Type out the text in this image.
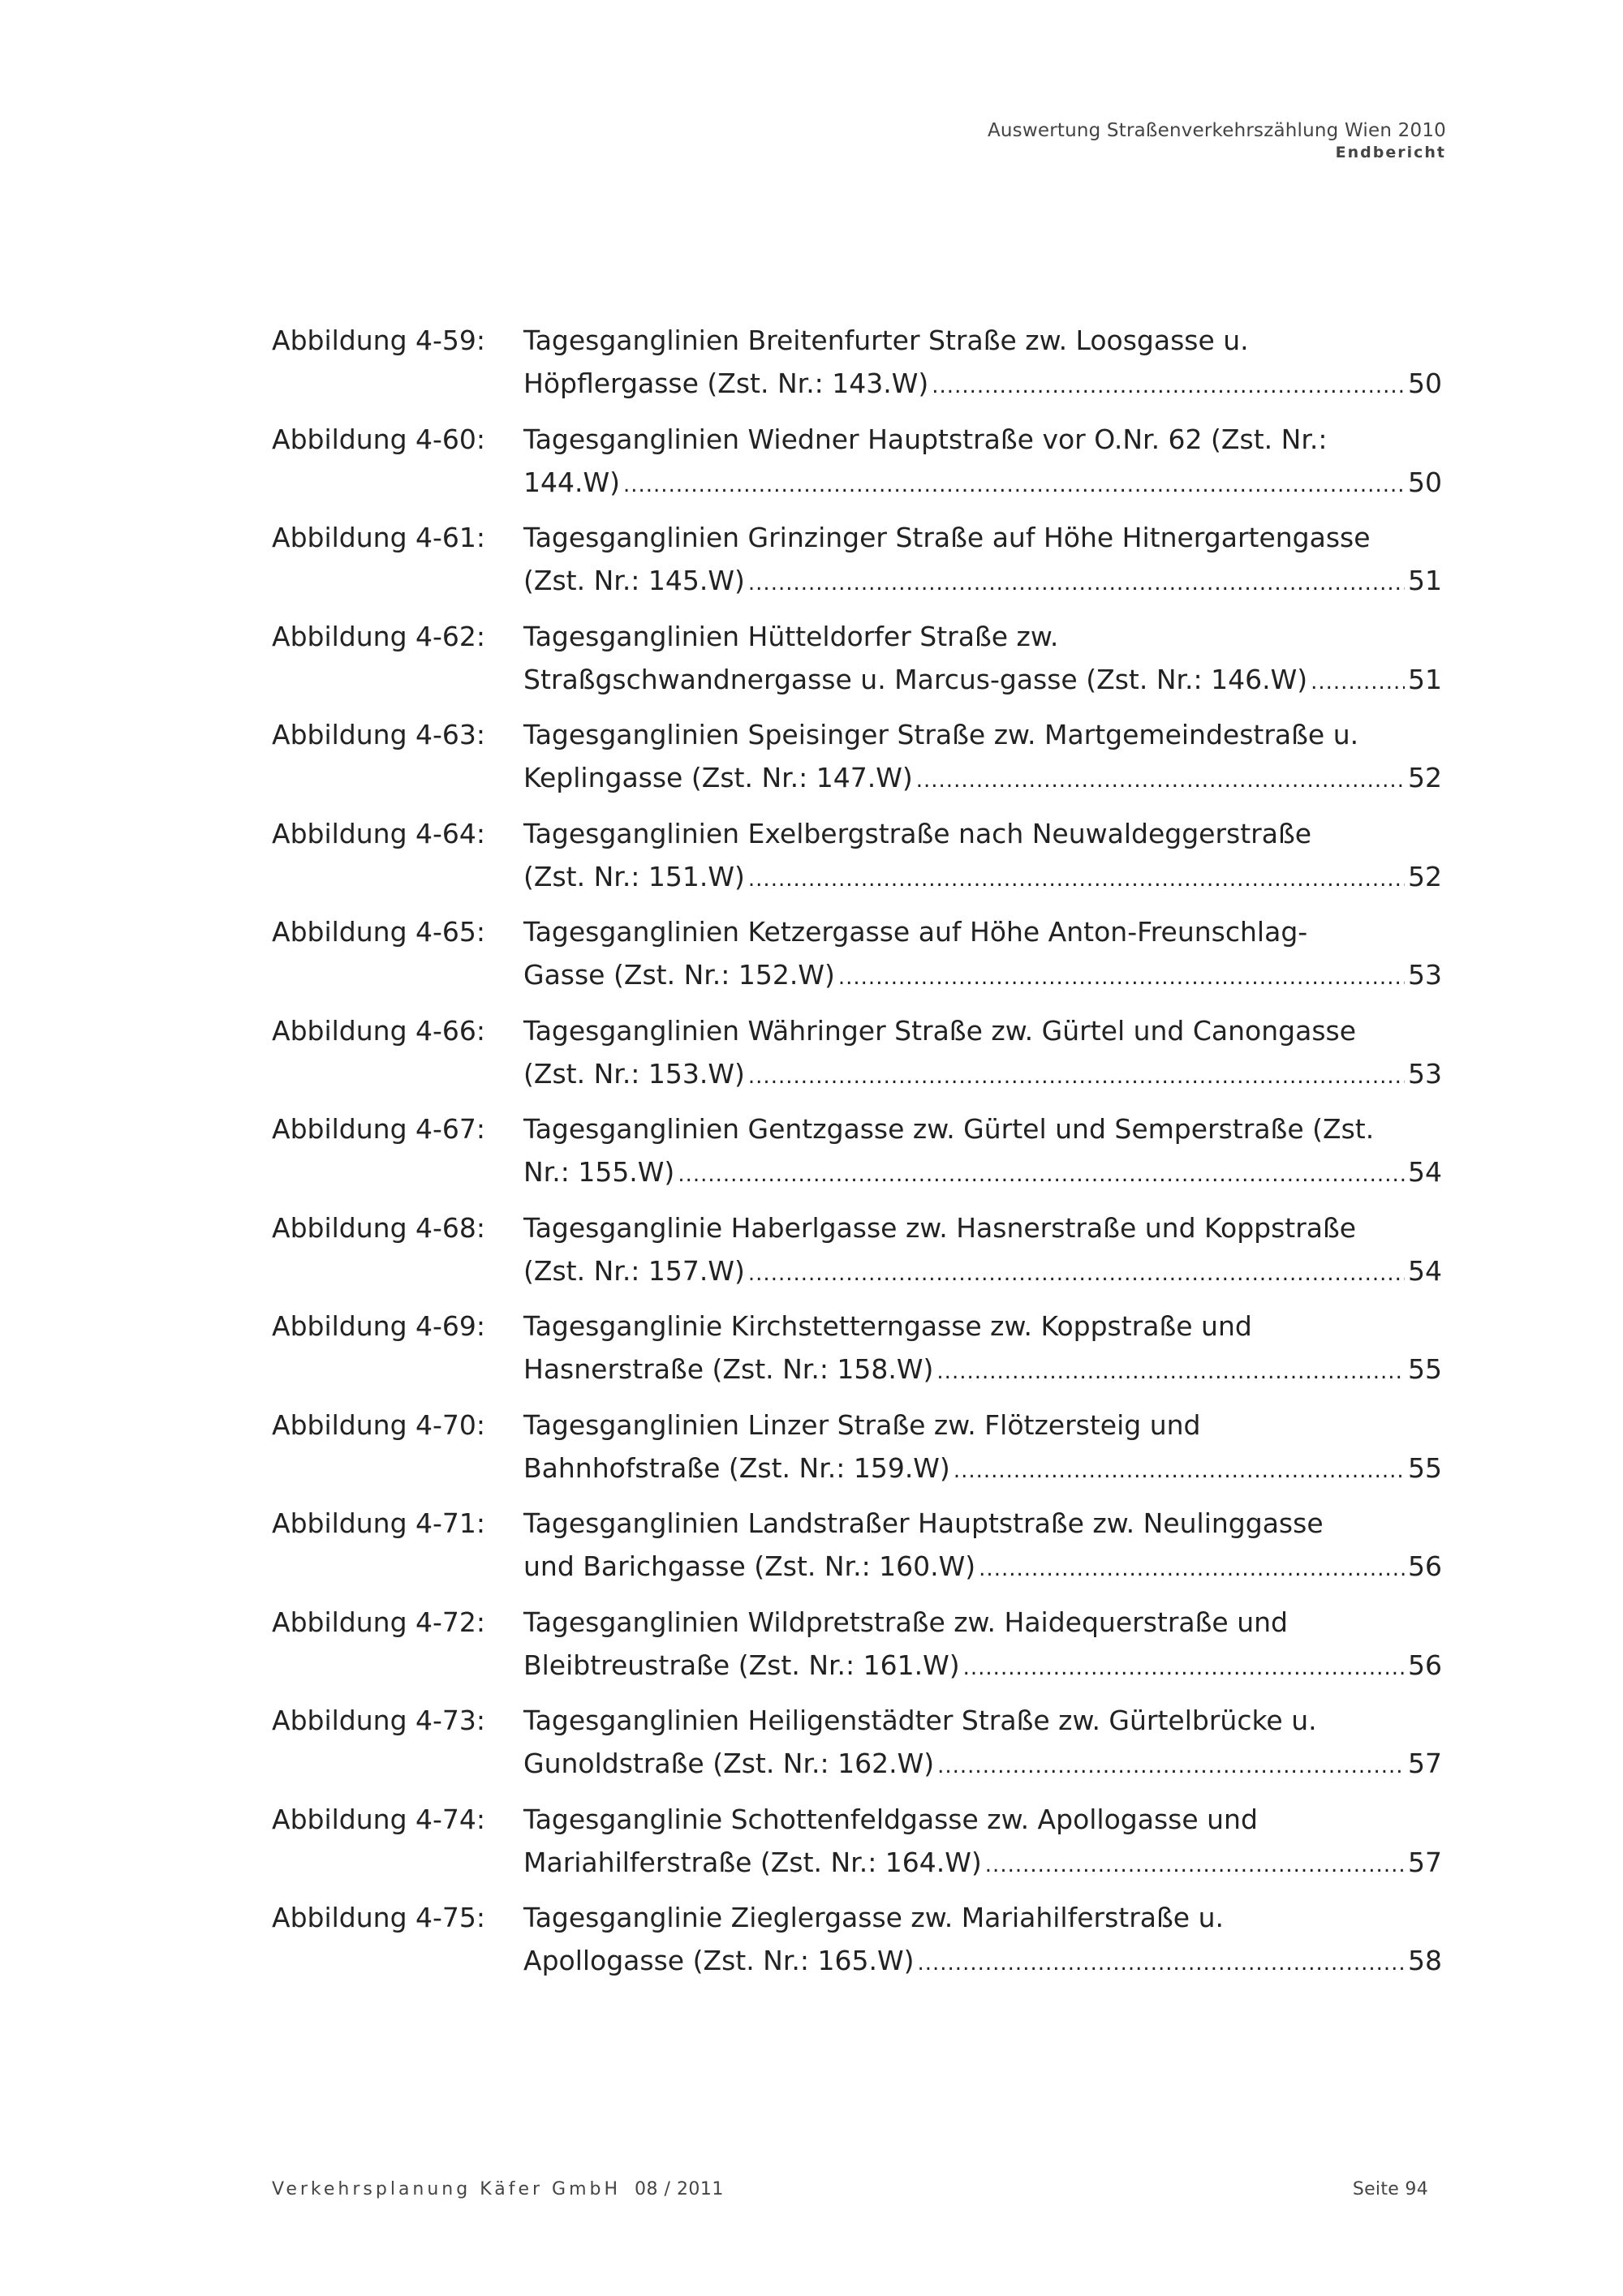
Auswertung Straßenverkehrszählung Wien 2010
Endbericht
Abbildung 4-59:	Tagesganglinien Breitenfurter Straße zw. Loosgasse u.
Höpflergasse (Zst. Nr.: 143.W) .....	50
Abbildung 4-60:	Tagesganglinien Wiedner Hauptstraße vor O.Nr. 62 (Zst. Nr.:
144.W) .....	50
Abbildung 4-61:	Tagesganglinien Grinzinger Straße auf Höhe Hitnergartengasse
(Zst. Nr.: 145.W) .....	51
Abbildung 4-62:	Tagesganglinien Hütteldorfer Straße zw.
Straßgschwandnergasse u. Marcus-gasse (Zst. Nr.: 146.W) .....	51
Abbildung 4-63:	Tagesganglinien Speisinger Straße zw. Martgemeindestraße u.
Keplingasse (Zst. Nr.: 147.W) .....	52
Abbildung 4-64:	Tagesganglinien Exelbergstraße nach Neuwaldeggerstraße
(Zst. Nr.: 151.W) .....	52
Abbildung 4-65:	Tagesganglinien Ketzergasse auf Höhe Anton-Freunschlag-
Gasse (Zst. Nr.: 152.W) .....	53
Abbildung 4-66:	Tagesganglinien Währinger Straße zw. Gürtel und Canongasse
(Zst. Nr.: 153.W) .....	53
Abbildung 4-67:	Tagesganglinien Gentzgasse zw. Gürtel und Semperstraße (Zst.
Nr.: 155.W) .....	54
Abbildung 4-68:	Tagesganglinie Haberlgasse zw. Hasnerstraße und Koppstraße
(Zst. Nr.: 157.W) .....	54
Abbildung 4-69:	Tagesganglinie Kirchstetterngasse zw. Koppstraße und
Hasnerstraße (Zst. Nr.: 158.W) .....	55
Abbildung 4-70:	Tagesganglinien Linzer Straße zw. Flötzersteig und
Bahnhofstraße (Zst. Nr.: 159.W) .....	55
Abbildung 4-71:	Tagesganglinien Landstraßer Hauptstraße zw. Neulinggasse
und Barichgasse (Zst. Nr.: 160.W) .....	56
Abbildung 4-72:	Tagesganglinien Wildpretstraße zw. Haidequerstraße und
Bleibtreustraße (Zst. Nr.: 161.W) .....	56
Abbildung 4-73:	Tagesganglinien Heiligenstädter Straße zw. Gürtelbrücke u.
Gunoldstraße (Zst. Nr.: 162.W) .....	57
Abbildung 4-74:	Tagesganglinie Schottenfeldgasse zw. Apollogasse und
Mariahilferstraße (Zst. Nr.: 164.W) .....	57
Abbildung 4-75:	Tagesganglinie Zieglergasse zw. Mariahilferstraße u.
Apollogasse (Zst. Nr.: 165.W) .....	58
Verkehrsplanung Käfer GmbH 08 / 2011	Seite 94
